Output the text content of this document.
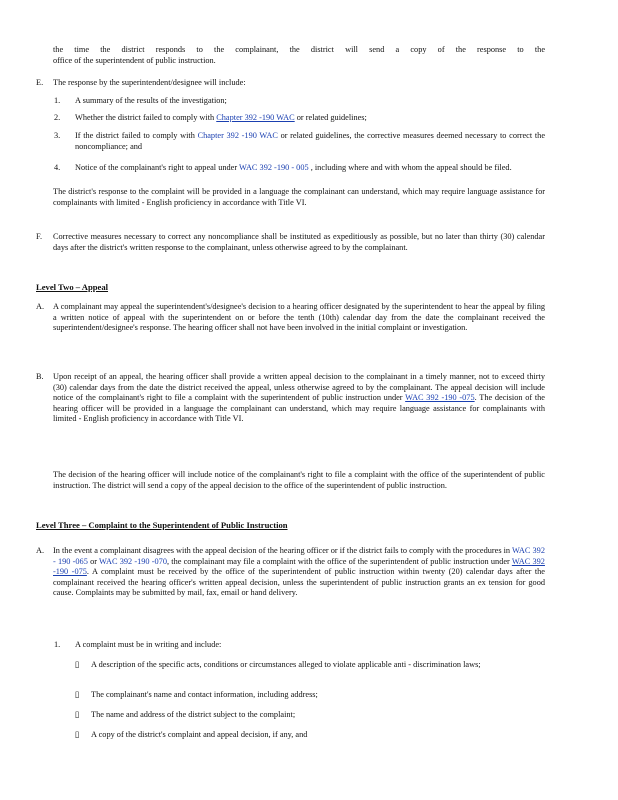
the time the district responds to the complainant, the district will send a copy of the response to the
office of the superintendent of public instruction.
E. The response by the superintendent/designee will include:
1. A summary of the results of the investigation;
2. Whether the district failed to comply with Chapter 392 -190 WAC or related guidelines;
3. If the district failed to comply with Chapter 392 -190 WAC or related guidelines, the corrective measures deemed necessary to correct the noncompliance; and
4. Notice of the complainant's right to appeal under WAC 392 -190 - 005 , including where and with whom the appeal should be filed.
The district's response to the complaint will be provided in a language the complainant can understand, which may require language assistance for complainants with limited - English proficiency in accordance with Title VI.
F. Corrective measures necessary to correct any noncompliance shall be instituted as expeditiously as possible, but no later than thirty (30) calendar days after the district's written response to the complainant, unless otherwise agreed to by the complainant.
Level Two – Appeal
A. A complainant may appeal the superintendent's/designee's decision to a hearing officer designated by the superintendent to hear the appeal by filing a written notice of appeal with the superintendent on or before the tenth (10th) calendar day from the date the complainant received the superintendent/designee's response. The hearing officer shall not have been involved in the initial complaint or investigation.
B. Upon receipt of an appeal, the hearing officer shall provide a written appeal decision to the complainant in a timely manner, not to exceed thirty (30) calendar days from the date the district received the appeal, unless otherwise agreed to by the complainant. The appeal decision will include notice of the complainant's right to file a complaint with the superintendent of public instruction under WAC 392 -190 -075. The decision of the hearing officer will be provided in a language the complainant can understand, which may require language assistance for complainants with limited - English proficiency in accordance with Title VI.
The decision of the hearing officer will include notice of the complainant's right to file a complaint with the office of the superintendent of public instruction. The district will send a copy of the appeal decision to the office of the superintendent of public instruction.
Level Three – Complaint to the Superintendent of Public Instruction
A. In the event a complainant disagrees with the appeal decision of the hearing officer or if the district fails to comply with the procedures in WAC 392 - 190 -065 or WAC 392 -190 -070, the complainant may file a complaint with the office of the superintendent of public instruction under WAC 392 -190 -075. A complaint must be received by the office of the superintendent of public instruction within twenty (20) calendar days after the complainant received the hearing officer's written appeal decision, unless the superintendent of public instruction grants an ex tension for good cause. Complaints may be submitted by mail, fax, email or hand delivery.
1. A complaint must be in writing and include:
▯ A description of the specific acts, conditions or circumstances alleged to violate applicable anti - discrimination laws;
▯ The complainant's name and contact information, including address;
▯ The name and address of the district subject to the complaint;
▯ A copy of the district's complaint and appeal decision, if any, and
